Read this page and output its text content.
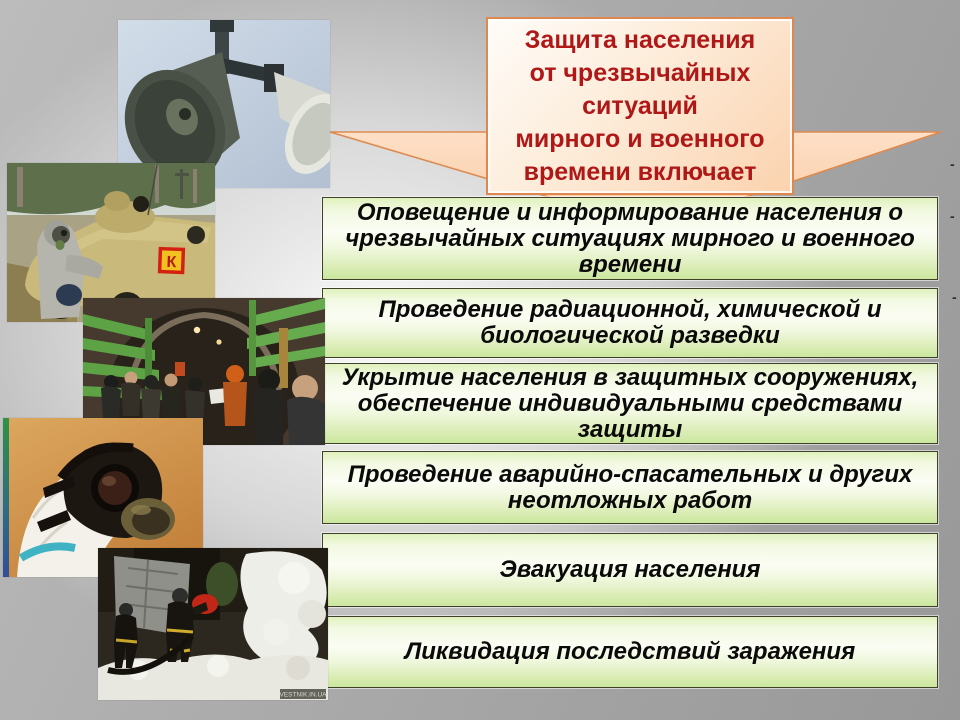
Защита населения
от чрезвычайных
ситуаций
мирного и военного
времени включает
Оповещение и информирование населения о чрезвычайных ситуациях мирного и военного времени
Проведение радиационной, химической и биологической разведки
Укрытие населения в защитных сооружениях, обеспечение индивидуальными средствами защиты
Проведение аварийно-спасательных и других неотложных работ
Эвакуация населения
Ликвидация последствий заражения
К
VESTNIK.IN.UA
-
-
-
